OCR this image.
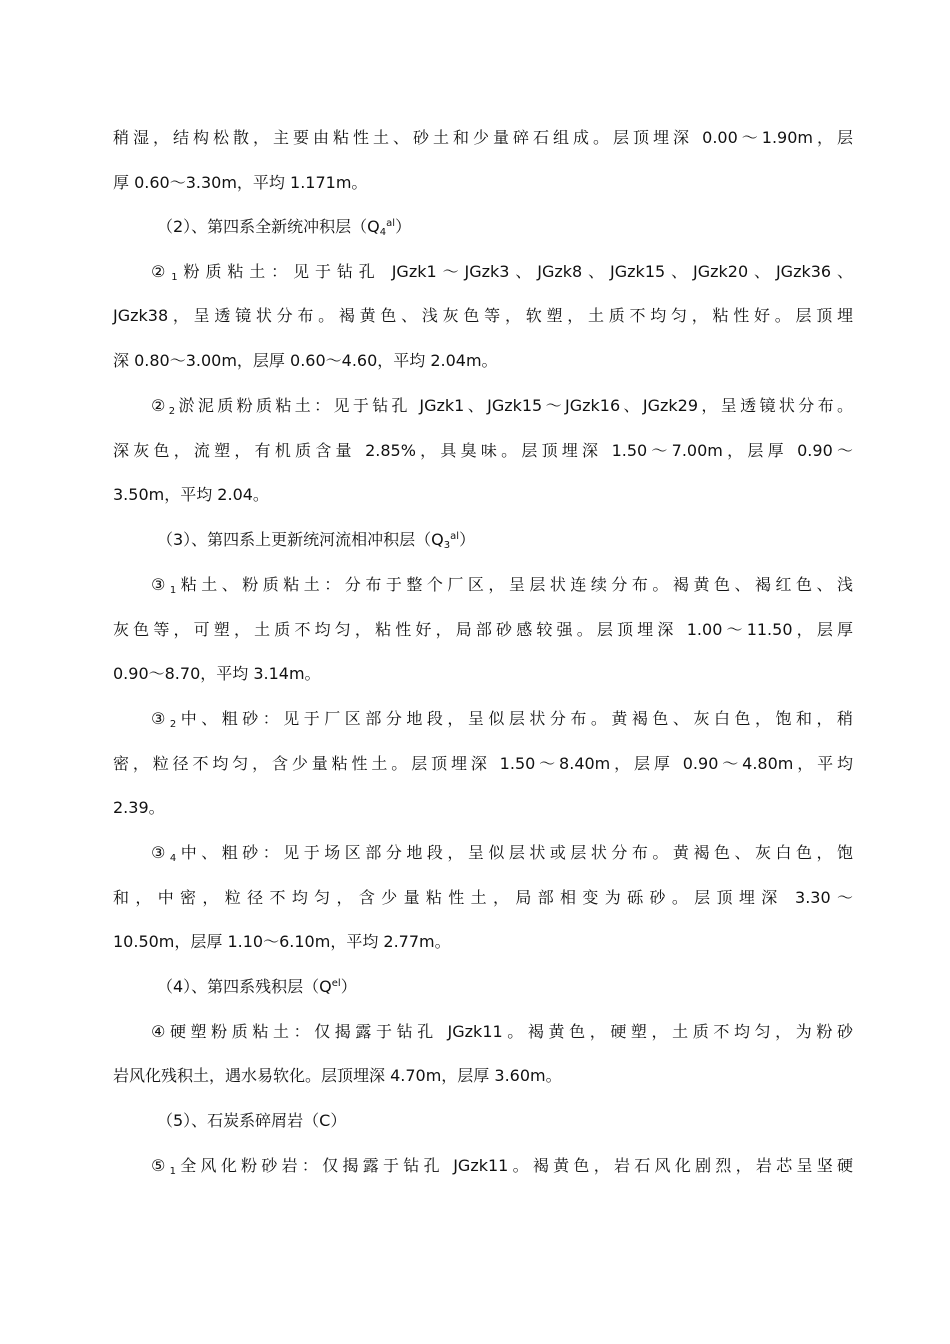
稍湿，结构松散，主要由粘性土、砂土和少量碎石组成。层顶埋深 0.00～1.90m，层
厚 0.60～3.30m，平均 1.171m。
（2）、第四系全新统冲积层$(Q_4^{al})$
$②_1$粉质粘土：见于钻孔 JGzk1～JGzk3、JGzk8、JGzk15、JGzk20、JGzk36、
JGzk38，呈透镜状分布。褐黄色、浅灰色等，软塑，土质不均匀，粘性好。层顶埋
深 0.80～3.00m，层厚 0.60～4.60，平均 2.04m。
$②_2$淤泥质粉质粘土：见于钻孔 JGzk1、JGzk15～JGzk16、JGzk29，呈透镜状分布。
深灰色，流塑，有机质含量 2.85%，具臭味。层顶埋深 1.50～7.00m，层厚 0.90～
3.50m，平均 2.04。
（3）、第四系上更新统河流相冲积层$(Q_3^{al})$
$③_1$粘土、粉质粘土：分布于整个厂区，呈层状连续分布。褐黄色、褐红色、浅
灰色等，可塑，土质不均匀，粘性好，局部砂感较强。层顶埋深 1.00～11.50，层厚
0.90～8.70，平均 3.14m。
$③_2$中、粗砂：见于厂区部分地段，呈似层状分布。黄褐色、灰白色，饱和，稍
密，粒径不均匀，含少量粘性土。层顶埋深 1.50～8.40m，层厚 0.90～4.80m，平均
2.39。
$③_4$中、粗砂：见于场区部分地段，呈似层状或层状分布。黄褐色、灰白色，饱
和，中密，粒径不均匀，含少量粘性土，局部相变为砾砂。层顶埋深 3.30～
10.50m，层厚 1.10～6.10m，平均 2.77m。
（4）、第四系残积层$(Q^{el})$
④硬塑粉质粘土：仅揭露于钻孔 JGzk11。褐黄色，硬塑，土质不均匀，为粉砂
岩风化残积土，遇水易软化。层顶埋深 4.70m，层厚 3.60m。
（5）、石炭系碎屑岩（C）
$⑤_1$全风化粉砂岩：仅揭露于钻孔 JGzk11。褐黄色，岩石风化剧烈，岩芯呈坚硬
